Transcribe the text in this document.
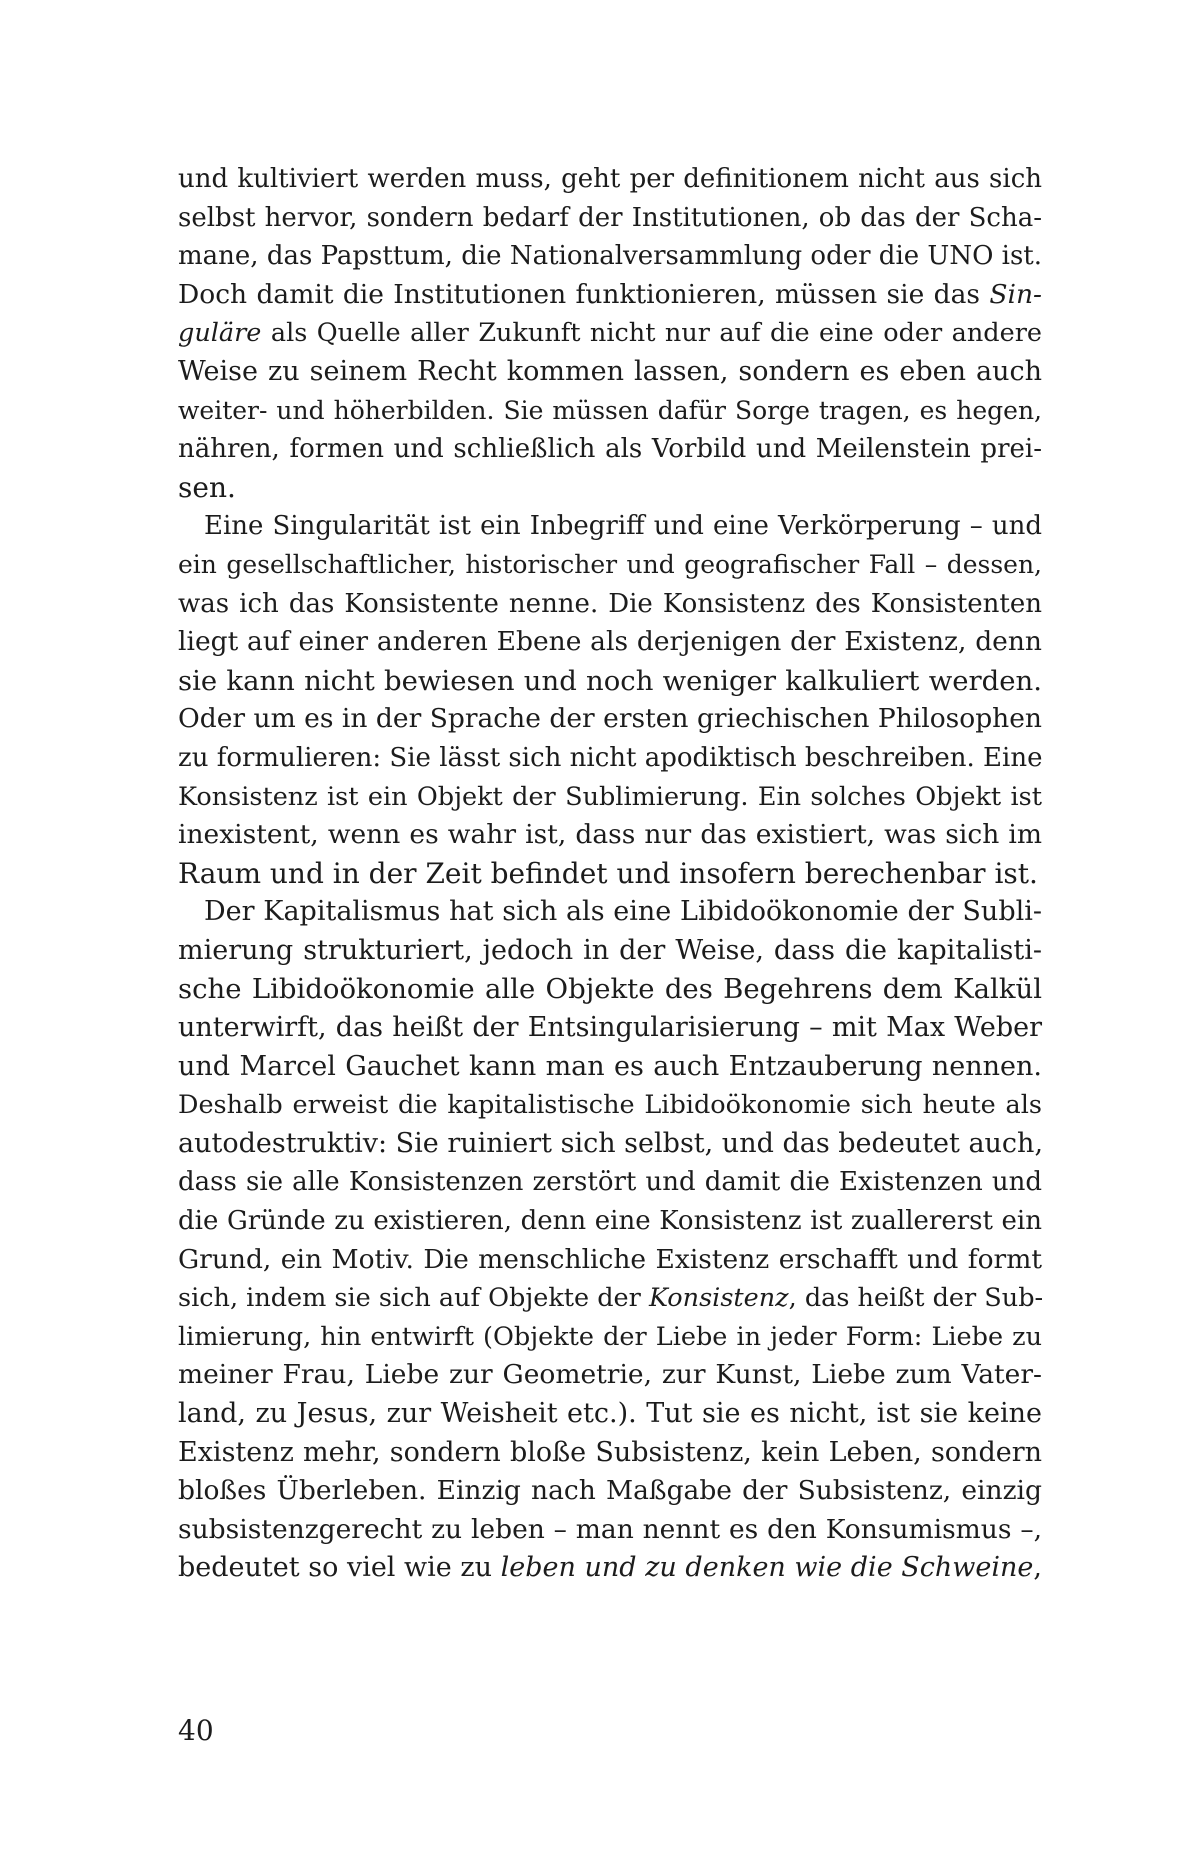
und kultiviert werden muss, geht per definitionem nicht aus sich
selbst hervor, sondern bedarf der Institutionen, ob das der Scha-
mane, das Papsttum, die Nationalversammlung oder die UNO ist.
Doch damit die Institutionen funktionieren, müssen sie das Sin-
guläre als Quelle aller Zukunft nicht nur auf die eine oder andere
Weise zu seinem Recht kommen lassen, sondern es eben auch
weiter- und höherbilden. Sie müssen dafür Sorge tragen, es hegen,
nähren, formen und schließlich als Vorbild und Meilenstein prei-
sen.
Eine Singularität ist ein Inbegriff und eine Verkörperung – und
ein gesellschaftlicher, historischer und geografischer Fall – dessen,
was ich das Konsistente nenne. Die Konsistenz des Konsistenten
liegt auf einer anderen Ebene als derjenigen der Existenz, denn
sie kann nicht bewiesen und noch weniger kalkuliert werden.
Oder um es in der Sprache der ersten griechischen Philosophen
zu formulieren: Sie lässt sich nicht apodiktisch beschreiben. Eine
Konsistenz ist ein Objekt der Sublimierung. Ein solches Objekt ist
inexistent, wenn es wahr ist, dass nur das existiert, was sich im
Raum und in der Zeit befindet und insofern berechenbar ist.
Der Kapitalismus hat sich als eine Libidoökonomie der Subli-
mierung strukturiert, jedoch in der Weise, dass die kapitalisti-
sche Libidoökonomie alle Objekte des Begehrens dem Kalkül
unterwirft, das heißt der Entsingularisierung – mit Max Weber
und Marcel Gauchet kann man es auch Entzauberung nennen.
Deshalb erweist die kapitalistische Libidoökonomie sich heute als
autodestruktiv: Sie ruiniert sich selbst, und das bedeutet auch,
dass sie alle Konsistenzen zerstört und damit die Existenzen und
die Gründe zu existieren, denn eine Konsistenz ist zuallererst ein
Grund, ein Motiv. Die menschliche Existenz erschafft und formt
sich, indem sie sich auf Objekte der Konsistenz, das heißt der Sub-
limierung, hin entwirft (Objekte der Liebe in jeder Form: Liebe zu
meiner Frau, Liebe zur Geometrie, zur Kunst, Liebe zum Vater-
land, zu Jesus, zur Weisheit etc.). Tut sie es nicht, ist sie keine
Existenz mehr, sondern bloße Subsistenz, kein Leben, sondern
bloßes Überleben. Einzig nach Maßgabe der Subsistenz, einzig
subsistenzgerecht zu leben – man nennt es den Konsumismus –,
bedeutet so viel wie zu leben und zu denken wie die Schweine,
40
